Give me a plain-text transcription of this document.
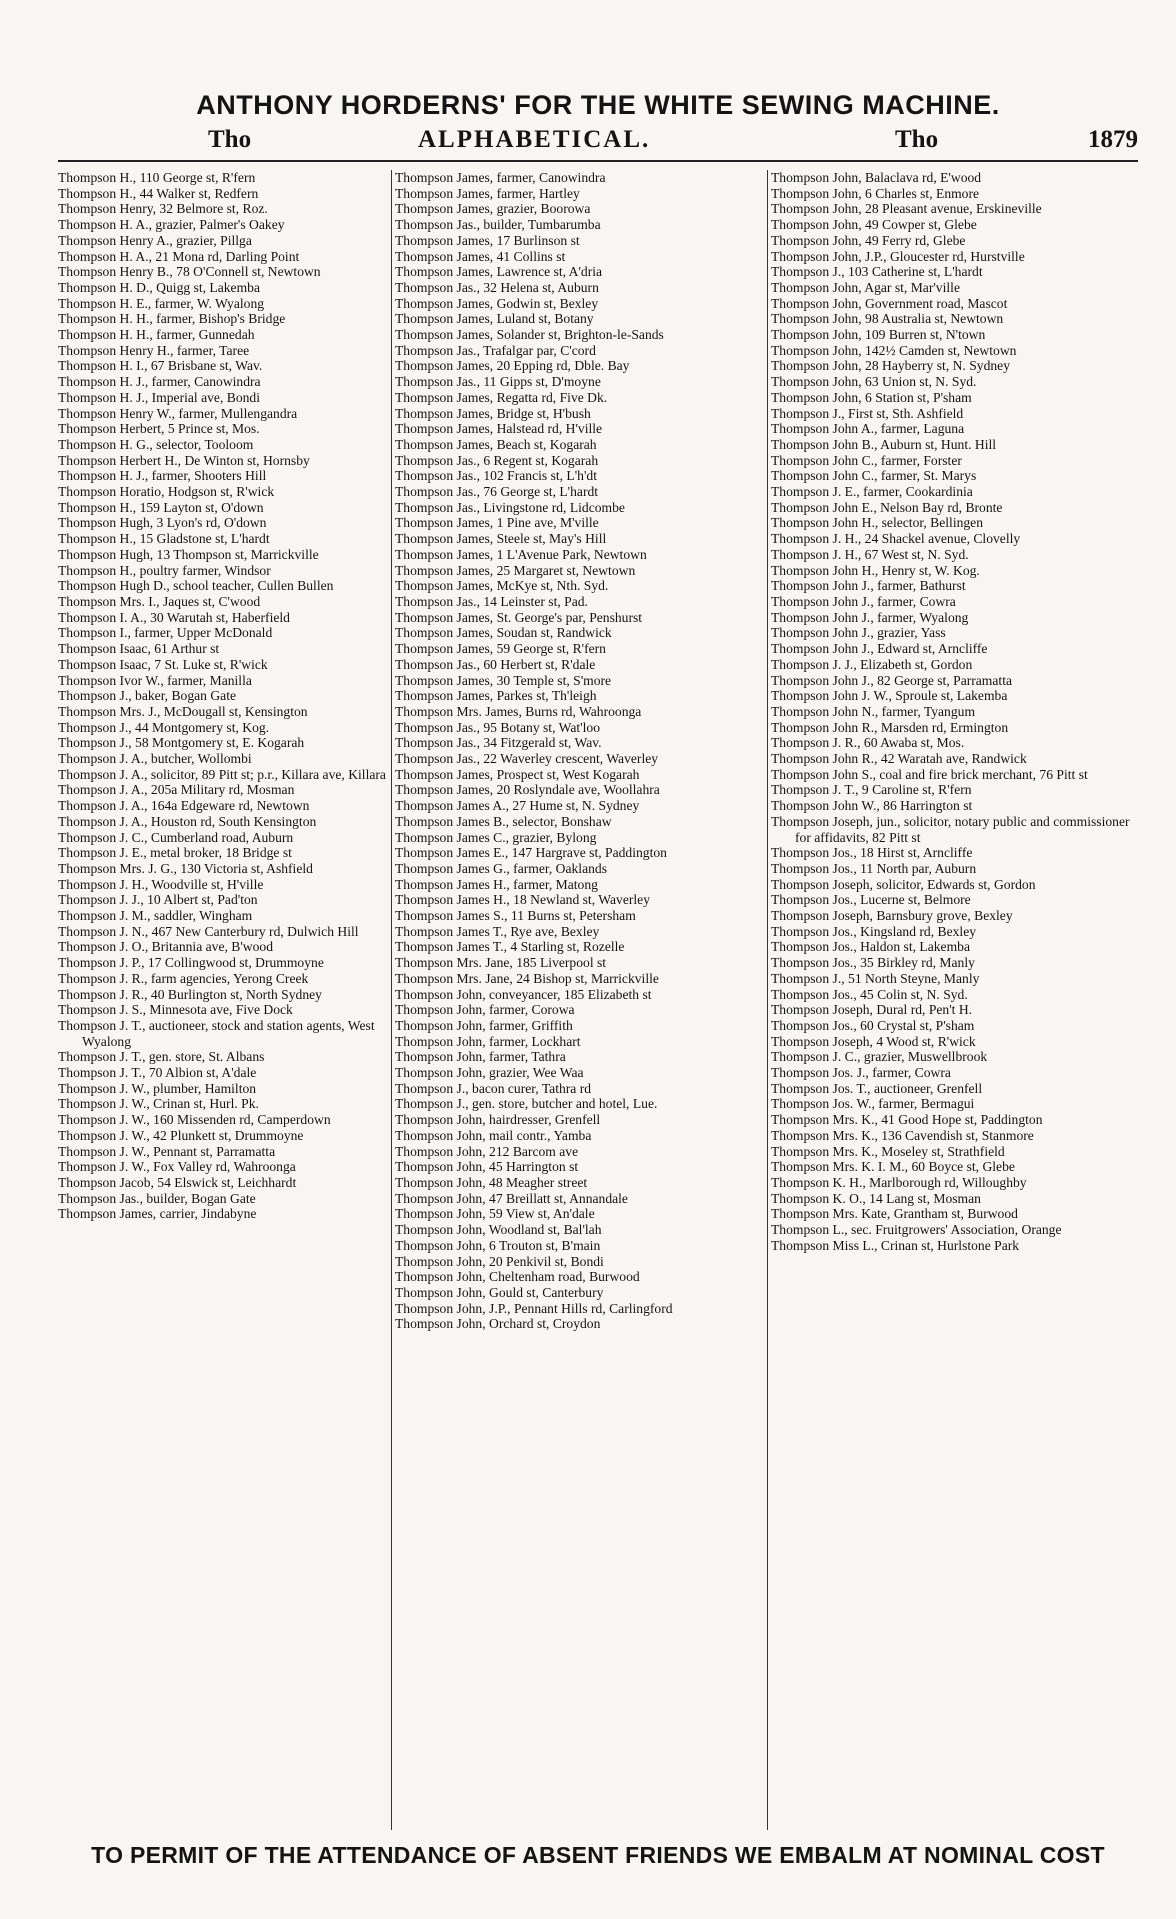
ANTHONY HORDERNS' FOR THE WHITE SEWING MACHINE.
Tho	ALPHABETICAL.	Tho	1879

Thompson H., 110 George st, R'fern

Thompson H., 44 Walker st, Redfern

Thompson Henry, 32 Belmore st, Roz.

Thompson H. A., grazier, Palmer's Oakey

Thompson Henry A., grazier, Pillga

Thompson H. A., 21 Mona rd, Darling Point

Thompson Henry B., 78 O'Connell st, Newtown

Thompson H. D., Quigg st, Lakemba

Thompson H. E., farmer, W. Wyalong

Thompson H. H., farmer, Bishop's Bridge

Thompson H. H., farmer, Gunnedah

Thompson Henry H., farmer, Taree

Thompson H. I., 67 Brisbane st, Wav.

Thompson H. J., farmer, Canowindra

Thompson H. J., Imperial ave, Bondi

Thompson Henry W., farmer, Mullengandra

Thompson Herbert, 5 Prince st, Mos.

Thompson H. G., selector, Tooloom

Thompson Herbert H., De Winton st, Hornsby

Thompson H. J., farmer, Shooters Hill

Thompson Horatio, Hodgson st, R'wick

Thompson H., 159 Layton st, O'down

Thompson Hugh, 3 Lyon's rd, O'down

Thompson H., 15 Gladstone st, L'hardt

Thompson Hugh, 13 Thompson st, Marrickville

Thompson H., poultry farmer, Windsor

Thompson Hugh D., school teacher, Cullen Bullen

Thompson Mrs. I., Jaques st, C'wood

Thompson I. A., 30 Warutah st, Haberfield

Thompson I., farmer, Upper McDonald

Thompson Isaac, 61 Arthur st

Thompson Isaac, 7 St. Luke st, R'wick

Thompson Ivor W., farmer, Manilla

Thompson J., baker, Bogan Gate

Thompson Mrs. J., McDougall st, Kensington

Thompson J., 44 Montgomery st, Kog.

Thompson J., 58 Montgomery st, E. Kogarah

Thompson J. A., butcher, Wollombi

Thompson J. A., solicitor, 89 Pitt st; p.r., Killara ave, Killara

Thompson J. A., 205a Military rd, Mosman

Thompson J. A., 164a Edgeware rd, Newtown

Thompson J. A., Houston rd, South Kensington

Thompson J. C., Cumberland road, Auburn

Thompson J. E., metal broker, 18 Bridge st

Thompson Mrs. J. G., 130 Victoria st, Ashfield

Thompson J. H., Woodville st, H'ville

Thompson J. J., 10 Albert st, Pad'ton

Thompson J. M., saddler, Wingham

Thompson J. N., 467 New Canterbury rd, Dulwich Hill

Thompson J. O., Britannia ave, B'wood

Thompson J. P., 17 Collingwood st, Drummoyne

Thompson J. R., farm agencies, Yerong Creek

Thompson J. R., 40 Burlington st, North Sydney

Thompson J. S., Minnesota ave, Five Dock

Thompson J. T., auctioneer, stock and station agents, West Wyalong

Thompson J. T., gen. store, St. Albans

Thompson J. T., 70 Albion st, A'dale

Thompson J. W., plumber, Hamilton

Thompson J. W., Crinan st, Hurl. Pk.

Thompson J. W., 160 Missenden rd, Camperdown

Thompson J. W., 42 Plunkett st, Drummoyne

Thompson J. W., Pennant st, Parramatta

Thompson J. W., Fox Valley rd, Wahroonga

Thompson Jacob, 54 Elswick st, Leichhardt

Thompson Jas., builder, Bogan Gate

Thompson James, carrier, Jindabyne

Thompson James, farmer, Canowindra

Thompson James, farmer, Hartley

Thompson James, grazier, Boorowa

Thompson Jas., builder, Tumbarumba

Thompson James, 17 Burlinson st

Thompson James, 41 Collins st

Thompson James, Lawrence st, A'dria

Thompson Jas., 32 Helena st, Auburn

Thompson James, Godwin st, Bexley

Thompson James, Luland st, Botany

Thompson James, Solander st, Brighton-le-Sands

Thompson Jas., Trafalgar par, C'cord

Thompson James, 20 Epping rd, Dble. Bay

Thompson Jas., 11 Gipps st, D'moyne

Thompson James, Regatta rd, Five Dk.

Thompson James, Bridge st, H'bush

Thompson James, Halstead rd, H'ville

Thompson James, Beach st, Kogarah

Thompson Jas., 6 Regent st, Kogarah

Thompson Jas., 102 Francis st, L'h'dt

Thompson Jas., 76 George st, L'hardt

Thompson Jas., Livingstone rd, Lidcombe

Thompson James, 1 Pine ave, M'ville

Thompson James, Steele st, May's Hill

Thompson James, 1 L'Avenue Park, Newtown

Thompson James, 25 Margaret st, Newtown

Thompson James, McKye st, Nth. Syd.

Thompson Jas., 14 Leinster st, Pad.

Thompson James, St. George's par, Penshurst

Thompson James, Soudan st, Randwick

Thompson James, 59 George st, R'fern

Thompson Jas., 60 Herbert st, R'dale

Thompson James, 30 Temple st, S'more

Thompson James, Parkes st, Th'leigh

Thompson Mrs. James, Burns rd, Wahroonga

Thompson Jas., 95 Botany st, Wat'loo

Thompson Jas., 34 Fitzgerald st, Wav.

Thompson Jas., 22 Waverley crescent, Waverley

Thompson James, Prospect st, West Kogarah

Thompson James, 20 Roslyndale ave, Woollahra

Thompson James A., 27 Hume st, N. Sydney

Thompson James B., selector, Bonshaw

Thompson James C., grazier, Bylong

Thompson James E., 147 Hargrave st, Paddington

Thompson James G., farmer, Oaklands

Thompson James H., farmer, Matong

Thompson James H., 18 Newland st, Waverley

Thompson James S., 11 Burns st, Petersham

Thompson James T., Rye ave, Bexley

Thompson James T., 4 Starling st, Rozelle

Thompson Mrs. Jane, 185 Liverpool st

Thompson Mrs. Jane, 24 Bishop st, Marrickville

Thompson John, conveyancer, 185 Elizabeth st

Thompson John, farmer, Corowa

Thompson John, farmer, Griffith

Thompson John, farmer, Lockhart

Thompson John, farmer, Tathra

Thompson John, grazier, Wee Waa

Thompson J., bacon curer, Tathra rd

Thompson J., gen. store, butcher and hotel, Lue.

Thompson John, hairdresser, Grenfell

Thompson John, mail contr., Yamba

Thompson John, 212 Barcom ave

Thompson John, 45 Harrington st

Thompson John, 48 Meagher street

Thompson John, 47 Breillatt st, Annandale

Thompson John, 59 View st, An'dale

Thompson John, Woodland st, Bal'lah

Thompson John, 6 Trouton st, B'main

Thompson John, 20 Penkivil st, Bondi

Thompson John, Cheltenham road, Burwood

Thompson John, Gould st, Canterbury

Thompson John, J.P., Pennant Hills rd, Carlingford

Thompson John, Orchard st, Croydon

Thompson John, Balaclava rd, E'wood

Thompson John, 6 Charles st, Enmore

Thompson John, 28 Pleasant avenue, Erskineville

Thompson John, 49 Cowper st, Glebe

Thompson John, 49 Ferry rd, Glebe

Thompson John, J.P., Gloucester rd, Hurstville

Thompson J., 103 Catherine st, L'hardt

Thompson John, Agar st, Mar'ville

Thompson John, Government road, Mascot

Thompson John, 98 Australia st, Newtown

Thompson John, 109 Burren st, N'town

Thompson John, 142½ Camden st, Newtown

Thompson John, 28 Hayberry st, N. Sydney

Thompson John, 63 Union st, N. Syd.

Thompson John, 6 Station st, P'sham

Thompson J., First st, Sth. Ashfield

Thompson John A., farmer, Laguna

Thompson John B., Auburn st, Hunt. Hill

Thompson John C., farmer, Forster

Thompson John C., farmer, St. Marys

Thompson J. E., farmer, Cookardinia

Thompson John E., Nelson Bay rd, Bronte

Thompson John H., selector, Bellingen

Thompson J. H., 24 Shackel avenue, Clovelly

Thompson J. H., 67 West st, N. Syd.

Thompson John H., Henry st, W. Kog.

Thompson John J., farmer, Bathurst

Thompson John J., farmer, Cowra

Thompson John J., farmer, Wyalong

Thompson John J., grazier, Yass

Thompson John J., Edward st, Arncliffe

Thompson J. J., Elizabeth st, Gordon

Thompson John J., 82 George st, Parramatta

Thompson John J. W., Sproule st, Lakemba

Thompson John N., farmer, Tyangum

Thompson John R., Marsden rd, Ermington

Thompson J. R., 60 Awaba st, Mos.

Thompson John R., 42 Waratah ave, Randwick

Thompson John S., coal and fire brick merchant, 76 Pitt st

Thompson J. T., 9 Caroline st, R'fern

Thompson John W., 86 Harrington st

Thompson Joseph, jun., solicitor, notary public and commissioner for affidavits, 82 Pitt st

Thompson Jos., 18 Hirst st, Arncliffe

Thompson Jos., 11 North par, Auburn

Thompson Joseph, solicitor, Edwards st, Gordon

Thompson Jos., Lucerne st, Belmore

Thompson Joseph, Barnsbury grove, Bexley

Thompson Jos., Kingsland rd, Bexley

Thompson Jos., Haldon st, Lakemba

Thompson Jos., 35 Birkley rd, Manly

Thompson J., 51 North Steyne, Manly

Thompson Jos., 45 Colin st, N. Syd.

Thompson Joseph, Dural rd, Pen't H.

Thompson Jos., 60 Crystal st, P'sham

Thompson Joseph, 4 Wood st, R'wick

Thompson J. C., grazier, Muswellbrook

Thompson Jos. J., farmer, Cowra

Thompson Jos. T., auctioneer, Grenfell

Thompson Jos. W., farmer, Bermagui

Thompson Mrs. K., 41 Good Hope st, Paddington

Thompson Mrs. K., 136 Cavendish st, Stanmore

Thompson Mrs. K., Moseley st, Strathfield

Thompson Mrs. K. I. M., 60 Boyce st, Glebe

Thompson K. H., Marlborough rd, Willoughby

Thompson K. O., 14 Lang st, Mosman

Thompson Mrs. Kate, Grantham st, Burwood

Thompson L., sec. Fruitgrowers' Association, Orange

Thompson Miss L., Crinan st, Hurlstone Park

TO PERMIT OF THE ATTENDANCE OF ABSENT FRIENDS WE EMBALM AT NOMINAL COST
